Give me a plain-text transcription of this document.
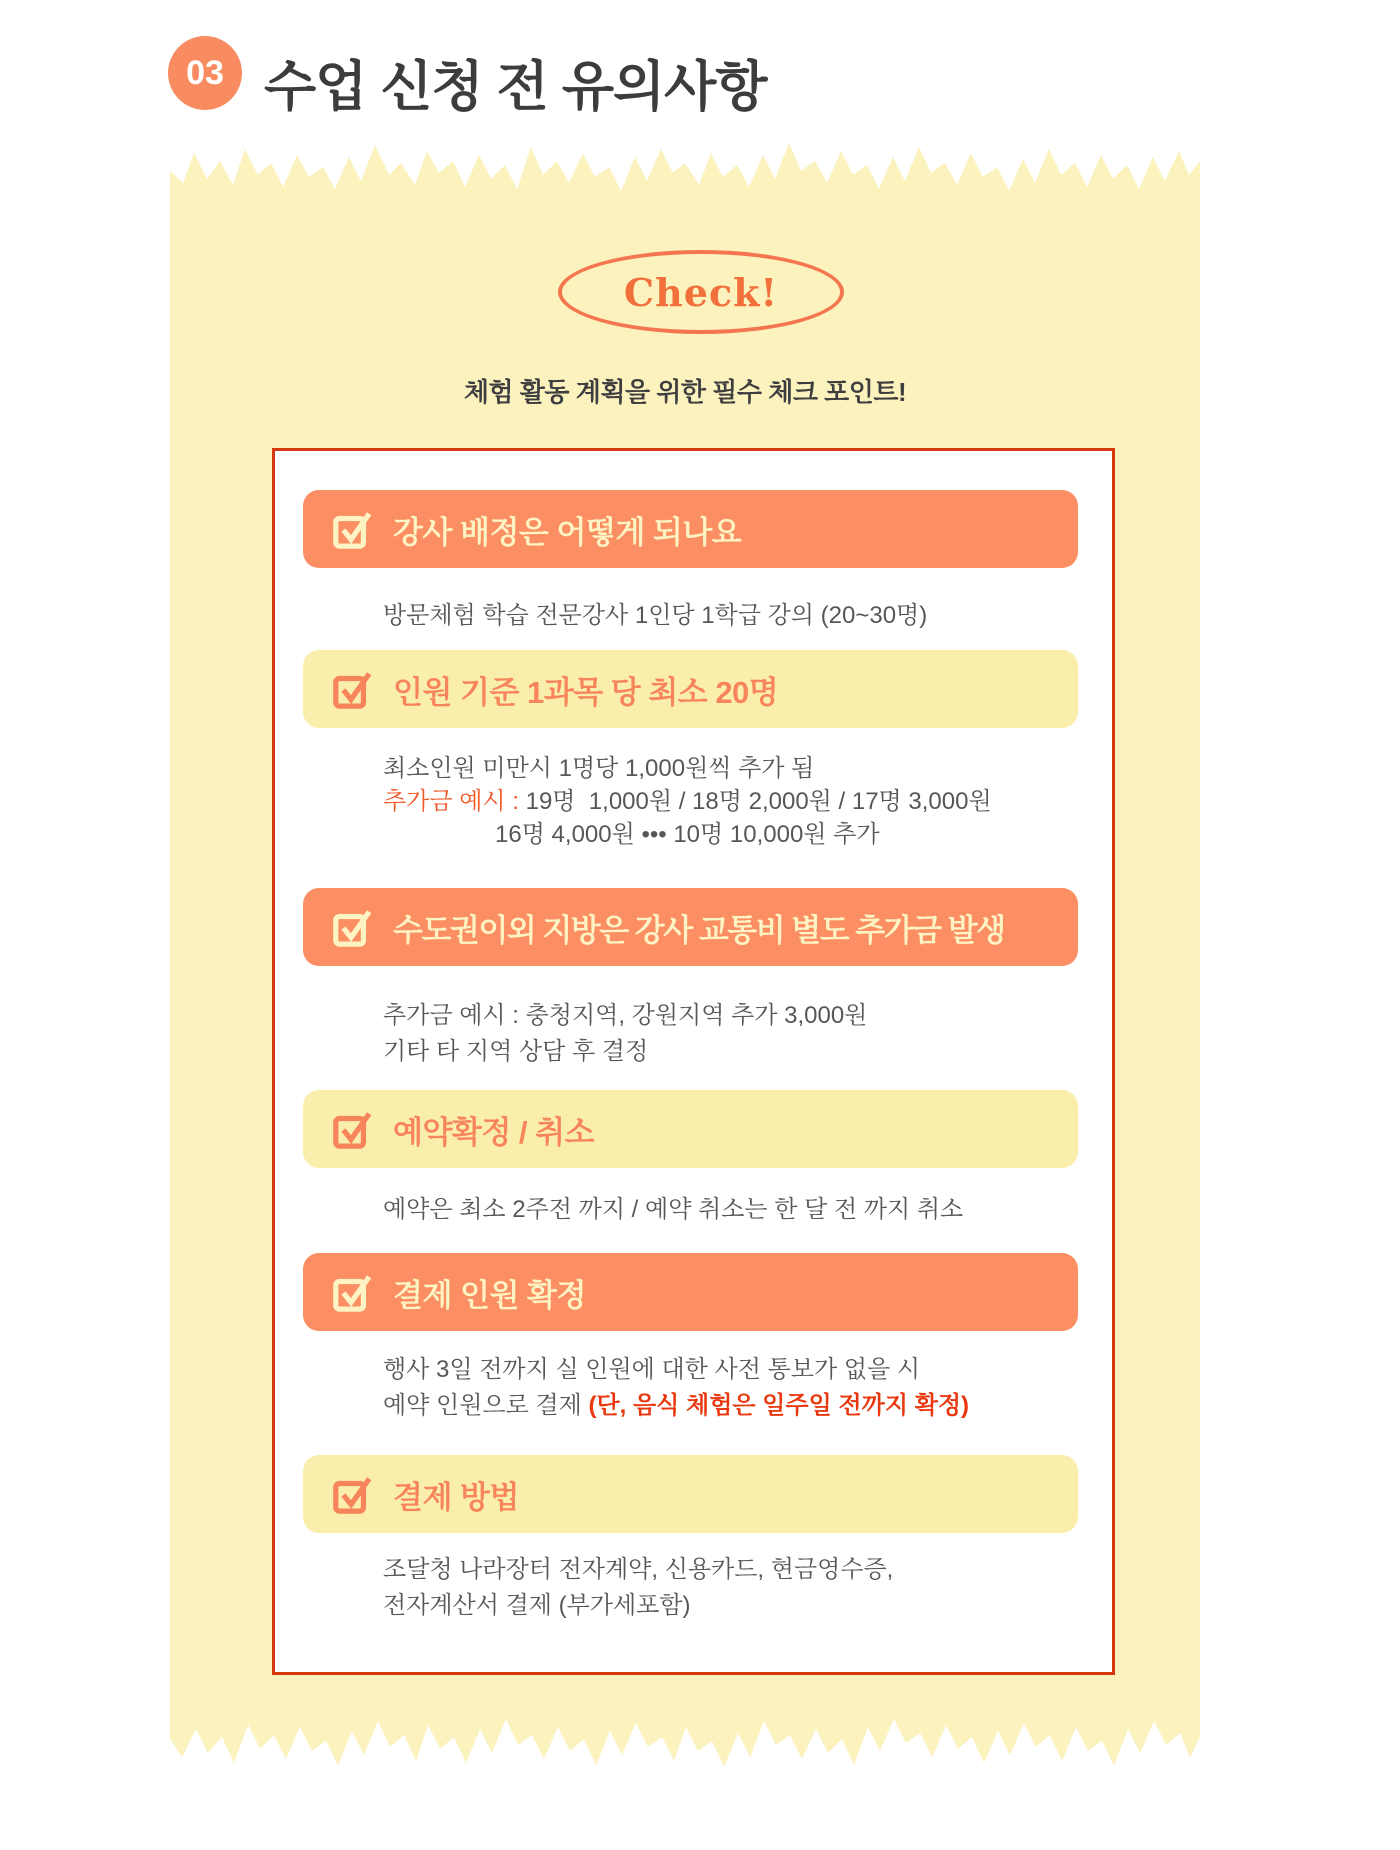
03 수업 신청 전 유의사항
Check!

체험 활동 계획을 위한 필수 체크 포인트!

강사 배정은 어떻게 되나요

방문체험 학습 전문강사 1인당 1학급 강의 (20~30명)

인원 기준 1과목 당 최소 20명

최소인원 미만시 1명당 1,000원씩 추가 됨

추가금 예시 : 19명  1,000원 / 18명 2,000원 / 17명 3,000원

16명 4,000원 ••• 10명 10,000원 추가

수도권이외 지방은 강사 교통비 별도 추가금 발생

추가금 예시 : 충청지역, 강원지역 추가 3,000원

기타 타 지역 상담 후 결정

예약확정 / 취소

예약은 최소 2주전 까지 / 예약 취소는 한 달 전 까지 취소

결제 인원 확정

행사 3일 전까지 실 인원에 대한 사전 통보가 없을 시

예약 인원으로 결제 (단, 음식 체험은 일주일 전까지 확정)

결제 방법

조달청 나라장터 전자계약, 신용카드, 현금영수증,

전자계산서 결제 (부가세포함)
